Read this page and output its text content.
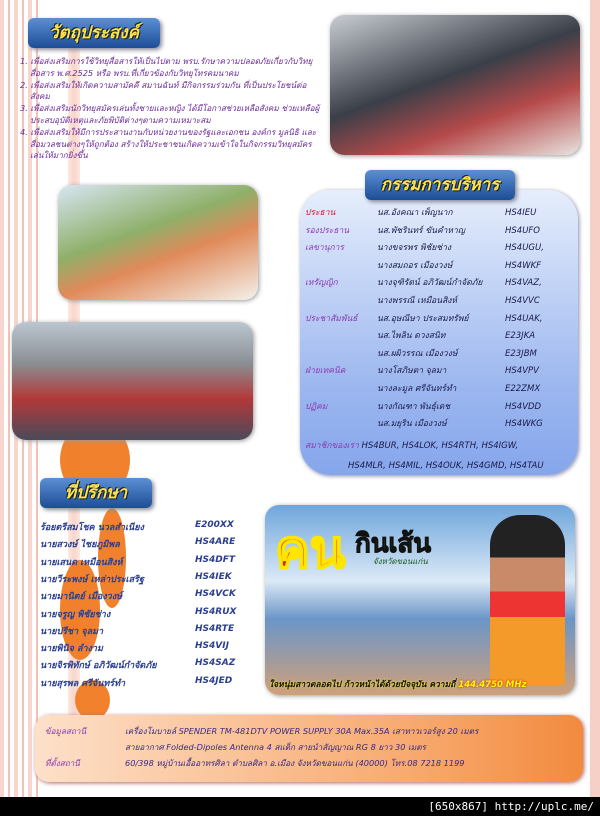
วัตถุประสงค์

1. เพื่อส่งเสริมการใช้วิทยุสื่อสารให้เป็นไปตาม พรบ.รักษาความปลอดภัยเกี่ยวกับวิทยุสื่อสาร พ.ศ.2525 หรือ พรบ.ที่เกี่ยวข้องกับวิทยุโทรคมนาคม

2. เพื่อส่งเสริมให้เกิดความสามัคคี สมานฉันท์ มีกิจกรรมร่วมกัน ที่เป็นประโยชน์ต่อสังคม

3. เพื่อส่งเสริมนักวิทยุสมัครเล่นทั้งชายและหญิง ได้มีโอกาสช่วยเหลือสังคม ช่วยเหลือผู้ประสบอุบัติเหตุและภัยพิบัติต่างๆตามความเหมาะสม

4. เพื่อส่งเสริมให้มีการประสานงานกับหน่วยงานของรัฐและเอกชน องค์กร มูลนิธิ และสื่อมวลชนต่างๆให้ถูกต้อง สร้างให้ประชาชนเกิดความเข้าใจในกิจกรรมวิทยุสมัครเล่นให้มากยิ่งขึ้น

กรรมการบริหาร
ประธาน	นส.อังคณา เพ็ญนาก	HS4IEU
รองประธาน	นส.พัชรินทร์ ขันคำหาญ	HS4UFO
เลขานุการ	นางขจรพร พิชัยช่าง	HS4UGU,
นางสมถอร เมืองวงษ์	HS4WKF
เหรัญญิก	นางจุฑิรัตน์ อภิวัฒน์กำจัดภัย	HS4VAZ,
นางพรรณี เหมือนสิงห์	HS4VVC
ประชาสัมพันธ์ นส.อุษณีษา ประสมทรัพย์	HS4UAK,
นส.ไพลิน ดวงสนิท	E23JKA
นส.ผผิวรรณ เมืองวงษ์	E23JBM
ฝ่ายเทคนิค	นางโสภิษตา จุลมา	HS4VPV
นางละมูล ศรีจันทร์ทำ	E22ZMX
ปฏิคม	นางกัณฑา พันธุ์เดช	HS4VDD
นส.มยุริน เมืองวงษ์	HS4WKG
สมาชิกของเรา HS4BUR, HS4LOK, HS4RTH, HS4IGW,
HS4MLR, HS4MIL, HS4OUK, HS4GMD, HS4TAU
ที่ปรึกษา
ร้อยตรีสมโชค นวลสำเนียง	E200XX
นายสวงษ์ ไชยภูมิพล	HS4ARE
นายเสนด เหมือนสิงห์	HS4DFT
นายวีระพงษ์ เหล่าประเสริฐ	HS4IEK
นายมานิตย์ เมืองวงษ์	HS4VCK
นายจรูญ พิชัยช่าง	HS4RUX
นายปรีชา จุลมา	HS4RTE
นายพินิจ ลำงาม	HS4VIJ
นายจิรพิทักษ์ อภิวัฒน์กำจัดภัย	HS4SAZ
นายสุรพล ศรีจันทร์ทำ	HS4JED
คน กินเส้น
จังหวัดขอนแก่น
ใจหนุ่มสาวตลอดไป ก้าวหน้าได้ด้วยปัจจุบัน ความถี่ 144.4750 MHz
ข้อมูลสถานี	เครื่องโมบายล์ SPENDER TM-481DTV POWER SUPPLY 30A Max.35A เสาทาวเวอร์สูง 20 เมตร
สายอากาศ Folded-Dipoles Antenna 4 สแต็ก สายนำสัญญาณ RG 8 ยาว 30 เมตร
ที่ตั้งสถานี	60/398 หมู่บ้านเอื้ออาทรศิลา ตำบลศิลา อ.เมือง จังหวัดขอนแก่น (40000) โทร.08 7218 1199
[650x867] http://uplc.me/
